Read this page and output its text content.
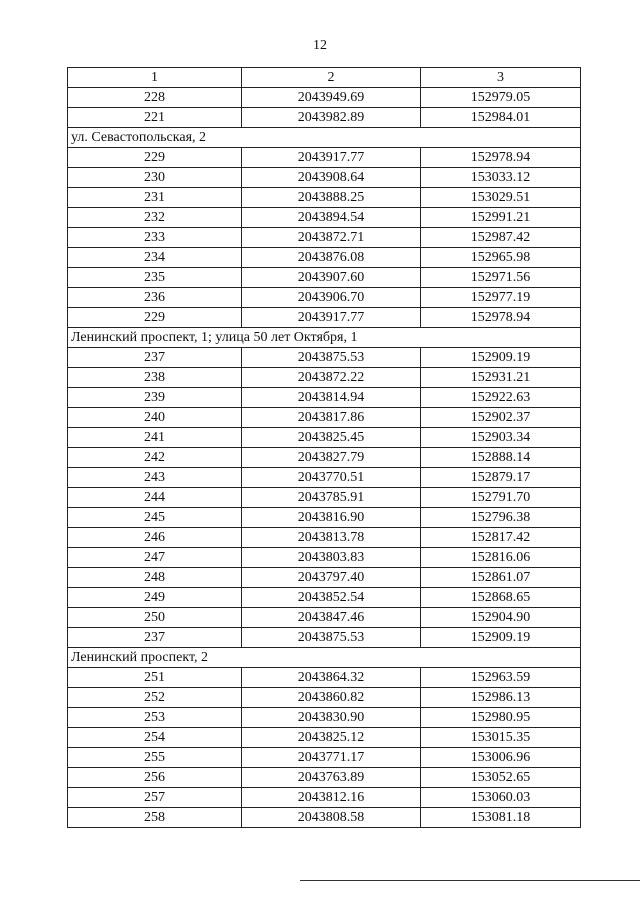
12
1	2	3
228	2043949.69	152979.05
221	2043982.89	152984.01
ул. Севастопольская, 2		
229	2043917.77	152978.94
230	2043908.64	153033.12
231	2043888.25	153029.51
232	2043894.54	152991.21
233	2043872.71	152987.42
234	2043876.08	152965.98
235	2043907.60	152971.56
236	2043906.70	152977.19
229	2043917.77	152978.94
Ленинский проспект, 1; улица 50 лет Октября, 1		
237	2043875.53	152909.19
238	2043872.22	152931.21
239	2043814.94	152922.63
240	2043817.86	152902.37
241	2043825.45	152903.34
242	2043827.79	152888.14
243	2043770.51	152879.17
244	2043785.91	152791.70
245	2043816.90	152796.38
246	2043813.78	152817.42
247	2043803.83	152816.06
248	2043797.40	152861.07
249	2043852.54	152868.65
250	2043847.46	152904.90
237	2043875.53	152909.19
Ленинский проспект, 2		
251	2043864.32	152963.59
252	2043860.82	152986.13
253	2043830.90	152980.95
254	2043825.12	153015.35
255	2043771.17	153006.96
256	2043763.89	153052.65
257	2043812.16	153060.03
258	2043808.58	153081.18
